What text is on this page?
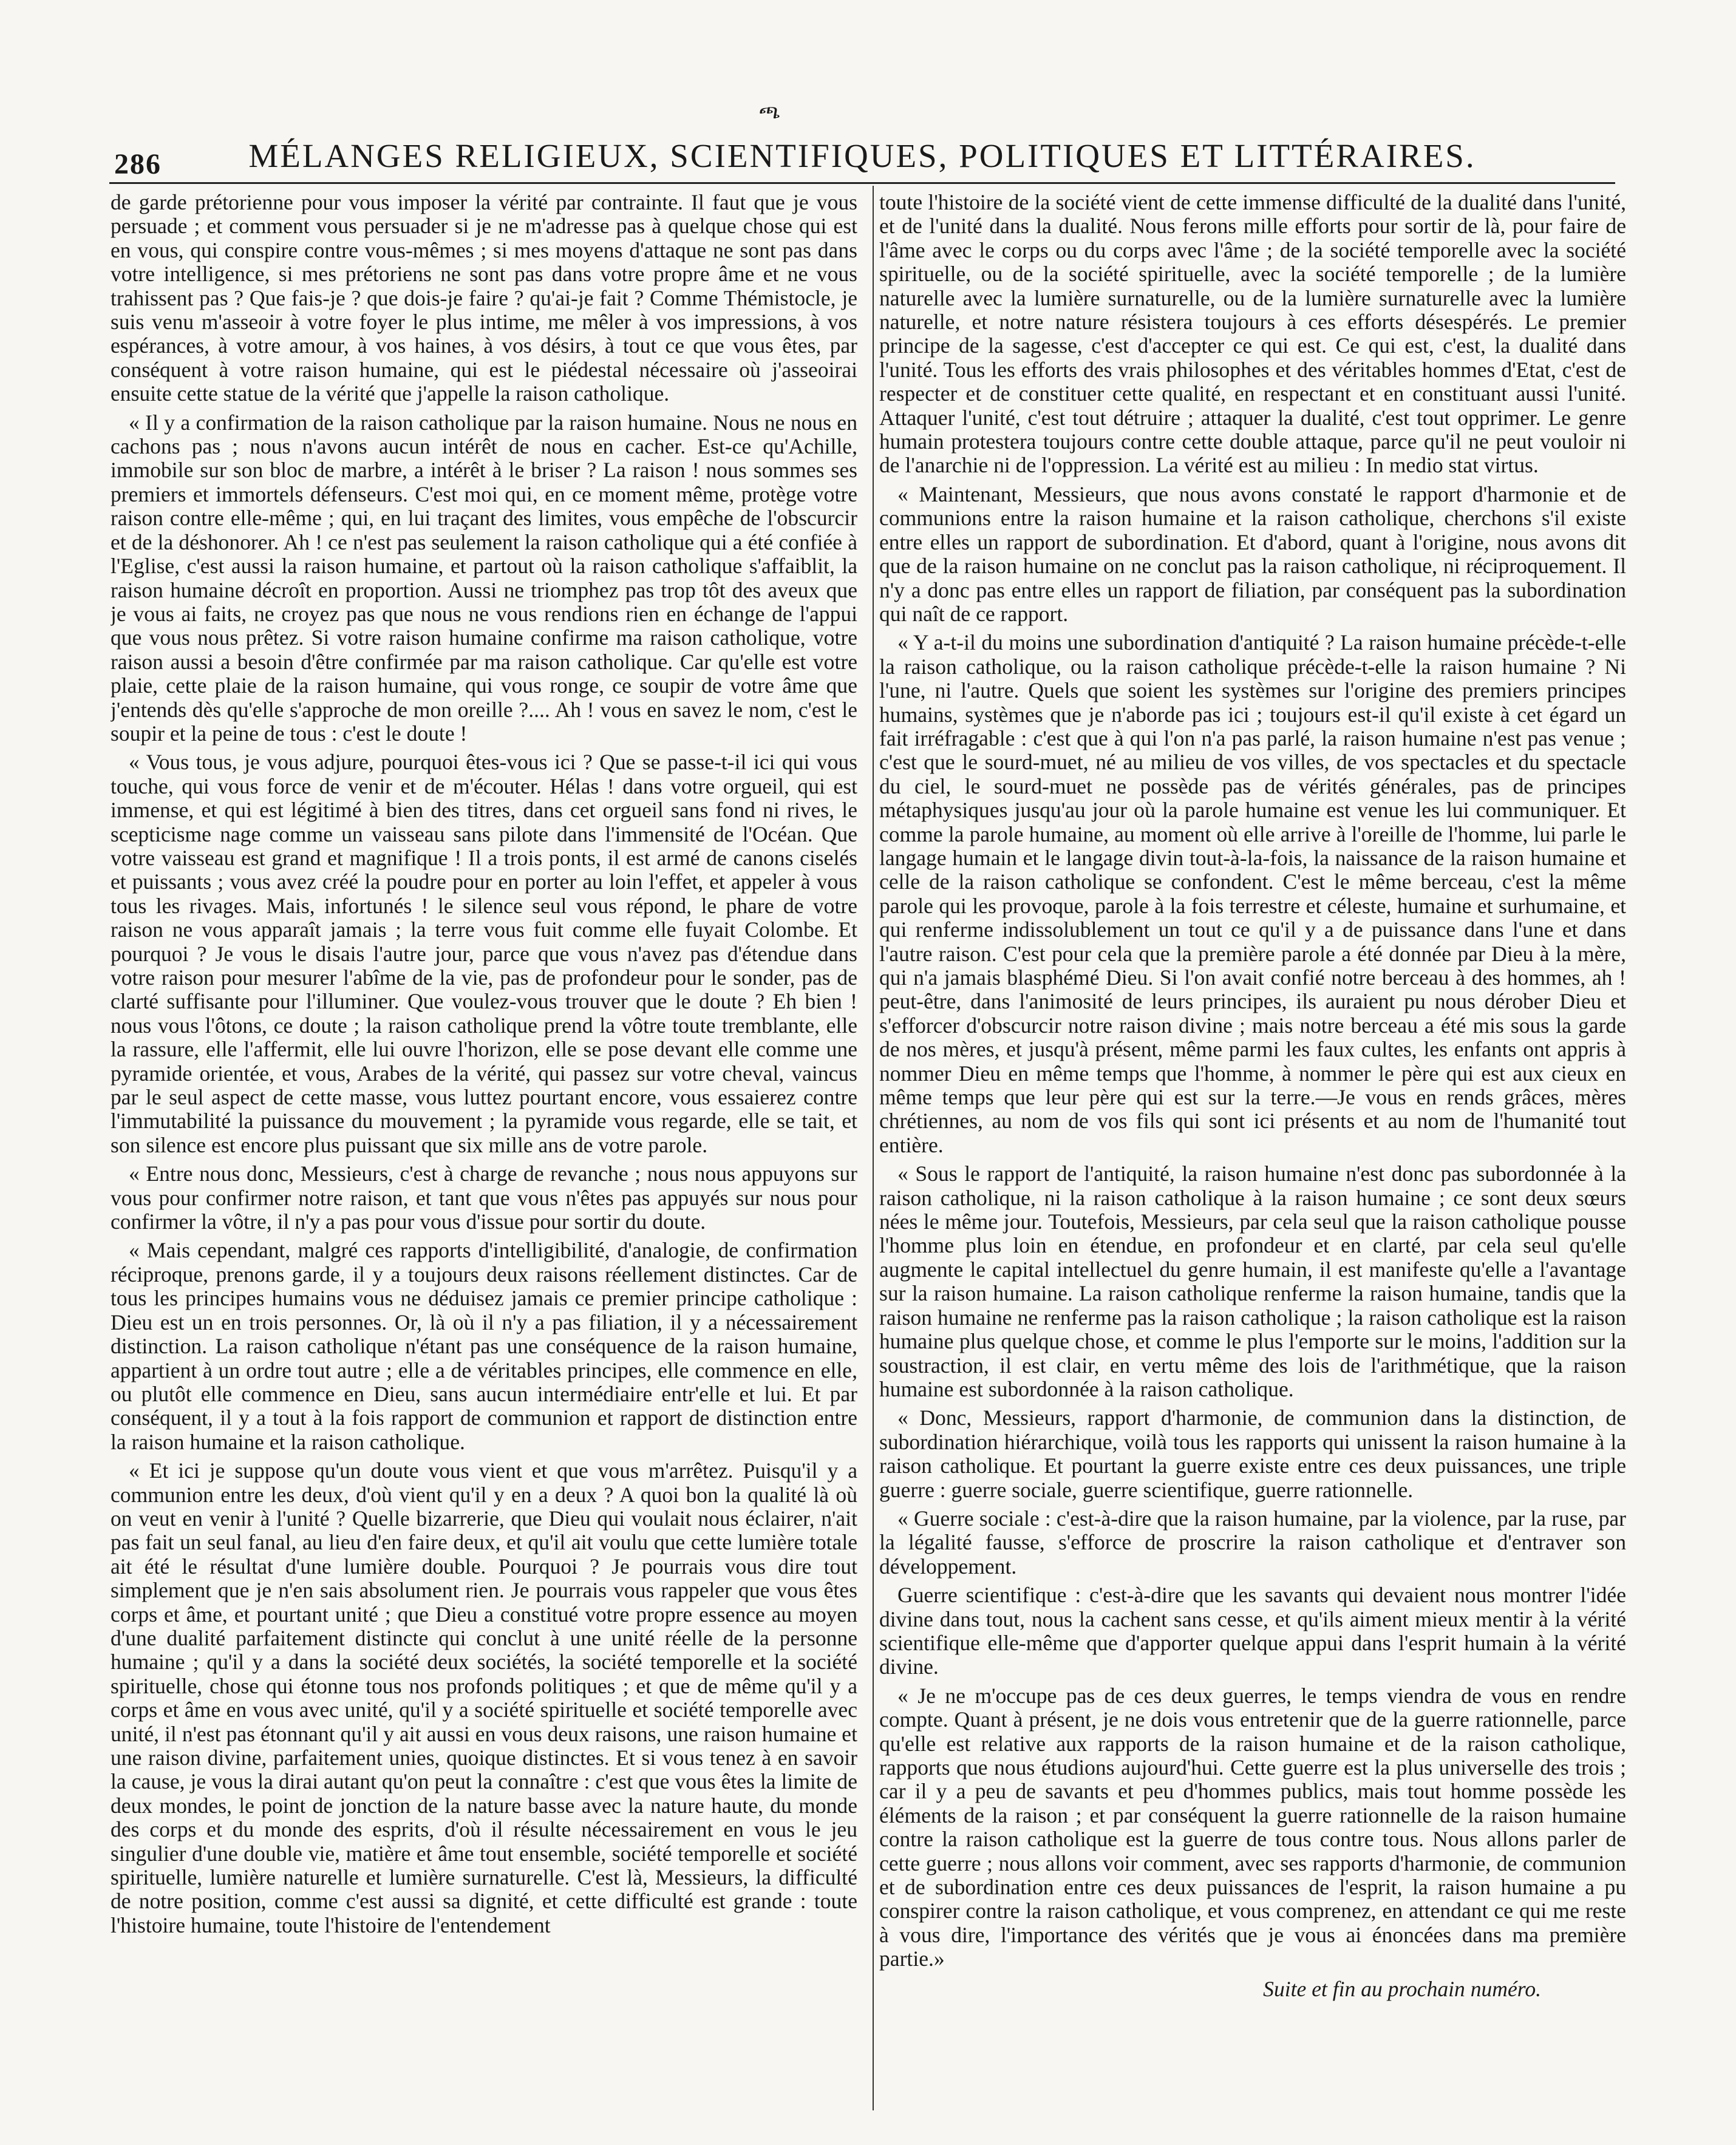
ጫ
286	MÉLANGES RELIGIEUX, SCIENTIFIQUES, POLITIQUES ET LITTÉRAIRES.

de garde prétorienne pour vous imposer la vérité par contrainte. Il faut que je vous persuade ; et comment vous persuader si je ne m'adresse pas à quelque chose qui est en vous, qui conspire contre vous-mêmes ; si mes moyens d'attaque ne sont pas dans votre intelligence, si mes prétoriens ne sont pas dans votre propre âme et ne vous trahissent pas ? Que fais-je ? que dois-je faire ? qu'ai-je fait ? Comme Thémistocle, je suis venu m'asseoir à votre foyer le plus intime, me mêler à vos impressions, à vos espérances, à votre amour, à vos haines, à vos désirs, à tout ce que vous êtes, par conséquent à votre raison humaine, qui est le piédestal nécessaire où j'asseoirai ensuite cette statue de la vérité que j'appelle la raison catholique.

« Il y a confirmation de la raison catholique par la raison humaine. Nous ne nous en cachons pas ; nous n'avons aucun intérêt de nous en cacher. Est-ce qu'Achille, immobile sur son bloc de marbre, a intérêt à le briser ? La raison ! nous sommes ses premiers et immortels défenseurs. C'est moi qui, en ce moment même, protège votre raison contre elle-même ; qui, en lui traçant des limites, vous empêche de l'obscurcir et de la déshonorer. Ah ! ce n'est pas seulement la raison catholique qui a été confiée à l'Eglise, c'est aussi la raison humaine, et partout où la raison catholique s'affaiblit, la raison humaine décroît en proportion. Aussi ne triomphez pas trop tôt des aveux que je vous ai faits, ne croyez pas que nous ne vous rendions rien en échange de l'appui que vous nous prêtez. Si votre raison humaine confirme ma raison catholique, votre raison aussi a besoin d'être confirmée par ma raison catholique. Car qu'elle est votre plaie, cette plaie de la raison humaine, qui vous ronge, ce soupir de votre âme que j'entends dès qu'elle s'approche de mon oreille ?.... Ah ! vous en savez le nom, c'est le soupir et la peine de tous : c'est le doute !

« Vous tous, je vous adjure, pourquoi êtes-vous ici ? Que se passe-t-il ici qui vous touche, qui vous force de venir et de m'écouter. Hélas ! dans votre orgueil, qui est immense, et qui est légitimé à bien des titres, dans cet orgueil sans fond ni rives, le scepticisme nage comme un vaisseau sans pilote dans l'immensité de l'Océan. Que votre vaisseau est grand et magnifique ! Il a trois ponts, il est armé de canons ciselés et puissants ; vous avez créé la poudre pour en porter au loin l'effet, et appeler à vous tous les rivages. Mais, infortunés ! le silence seul vous répond, le phare de votre raison ne vous apparaît jamais ; la terre vous fuit comme elle fuyait Colombe. Et pourquoi ? Je vous le disais l'autre jour, parce que vous n'avez pas d'étendue dans votre raison pour mesurer l'abîme de la vie, pas de profondeur pour le sonder, pas de clarté suffisante pour l'illuminer. Que voulez-vous trouver que le doute ? Eh bien ! nous vous l'ôtons, ce doute ; la raison catholique prend la vôtre toute tremblante, elle la rassure, elle l'affermit, elle lui ouvre l'horizon, elle se pose devant elle comme une pyramide orientée, et vous, Arabes de la vérité, qui passez sur votre cheval, vaincus par le seul aspect de cette masse, vous luttez pourtant encore, vous essaierez contre l'immutabilité la puissance du mouvement ; la pyramide vous regarde, elle se tait, et son silence est encore plus puissant que six mille ans de votre parole.

« Entre nous donc, Messieurs, c'est à charge de revanche ; nous nous appuyons sur vous pour confirmer notre raison, et tant que vous n'êtes pas appuyés sur nous pour confirmer la vôtre, il n'y a pas pour vous d'issue pour sortir du doute.

« Mais cependant, malgré ces rapports d'intelligibilité, d'analogie, de confirmation réciproque, prenons garde, il y a toujours deux raisons réellement distinctes. Car de tous les principes humains vous ne déduisez jamais ce premier principe catholique : Dieu est un en trois personnes. Or, là où il n'y a pas filiation, il y a nécessairement distinction. La raison catholique n'étant pas une conséquence de la raison humaine, appartient à un ordre tout autre ; elle a de véritables principes, elle commence en elle, ou plutôt elle commence en Dieu, sans aucun intermédiaire entr'elle et lui. Et par conséquent, il y a tout à la fois rapport de communion et rapport de distinction entre la raison humaine et la raison catholique.

« Et ici je suppose qu'un doute vous vient et que vous m'arrêtez. Puisqu'il y a communion entre les deux, d'où vient qu'il y en a deux ? A quoi bon la qualité là où on veut en venir à l'unité ? Quelle bizarrerie, que Dieu qui voulait nous éclairer, n'ait pas fait un seul fanal, au lieu d'en faire deux, et qu'il ait voulu que cette lumière totale ait été le résultat d'une lumière double. Pourquoi ? Je pourrais vous dire tout simplement que je n'en sais absolument rien. Je pourrais vous rappeler que vous êtes corps et âme, et pourtant unité ; que Dieu a constitué votre propre essence au moyen d'une dualité parfaitement distincte qui conclut à une unité réelle de la personne humaine ; qu'il y a dans la société deux sociétés, la société temporelle et la société spirituelle, chose qui étonne tous nos profonds politiques ; et que de même qu'il y a corps et âme en vous avec unité, qu'il y a société spirituelle et société temporelle avec unité, il n'est pas étonnant qu'il y ait aussi en vous deux raisons, une raison humaine et une raison divine, parfaitement unies, quoique distinctes. Et si vous tenez à en savoir la cause, je vous la dirai autant qu'on peut la connaître : c'est que vous êtes la limite de deux mondes, le point de jonction de la nature basse avec la nature haute, du monde des corps et du monde des esprits, d'où il résulte nécessairement en vous le jeu singulier d'une double vie, matière et âme tout ensemble, société temporelle et société spirituelle, lumière naturelle et lumière surnaturelle. C'est là, Messieurs, la difficulté de notre position, comme c'est aussi sa dignité, et cette difficulté est grande : toute l'histoire humaine, toute l'histoire de l'entendement

toute l'histoire de la société vient de cette immense difficulté de la dualité dans l'unité, et de l'unité dans la dualité. Nous ferons mille efforts pour sortir de là, pour faire de l'âme avec le corps ou du corps avec l'âme ; de la société temporelle avec la société spirituelle, ou de la société spirituelle, avec la société temporelle ; de la lumière naturelle avec la lumière surnaturelle, ou de la lumière surnaturelle avec la lumière naturelle, et notre nature résistera toujours à ces efforts désespérés. Le premier principe de la sagesse, c'est d'accepter ce qui est. Ce qui est, c'est, la dualité dans l'unité. Tous les efforts des vrais philosophes et des véritables hommes d'Etat, c'est de respecter et de constituer cette qualité, en respectant et en constituant aussi l'unité. Attaquer l'unité, c'est tout détruire ; attaquer la dualité, c'est tout opprimer. Le genre humain protestera toujours contre cette double attaque, parce qu'il ne peut vouloir ni de l'anarchie ni de l'oppression. La vérité est au milieu : In medio stat virtus.

« Maintenant, Messieurs, que nous avons constaté le rapport d'harmonie et de communions entre la raison humaine et la raison catholique, cherchons s'il existe entre elles un rapport de subordination. Et d'abord, quant à l'origine, nous avons dit que de la raison humaine on ne conclut pas la raison catholique, ni réciproquement. Il n'y a donc pas entre elles un rapport de filiation, par conséquent pas la subordination qui naît de ce rapport.

« Y a-t-il du moins une subordination d'antiquité ? La raison humaine précède-t-elle la raison catholique, ou la raison catholique précède-t-elle la raison humaine ? Ni l'une, ni l'autre. Quels que soient les systèmes sur l'origine des premiers principes humains, systèmes que je n'aborde pas ici ; toujours est-il qu'il existe à cet égard un fait irréfragable : c'est que à qui l'on n'a pas parlé, la raison humaine n'est pas venue ; c'est que le sourd-muet, né au milieu de vos villes, de vos spectacles et du spectacle du ciel, le sourd-muet ne possède pas de vérités générales, pas de principes métaphysiques jusqu'au jour où la parole humaine est venue les lui communiquer. Et comme la parole humaine, au moment où elle arrive à l'oreille de l'homme, lui parle le langage humain et le langage divin tout-à-la-fois, la naissance de la raison humaine et celle de la raison catholique se confondent. C'est le même berceau, c'est la même parole qui les provoque, parole à la fois terrestre et céleste, humaine et surhumaine, et qui renferme indissolublement un tout ce qu'il y a de puissance dans l'une et dans l'autre raison. C'est pour cela que la première parole a été donnée par Dieu à la mère, qui n'a jamais blasphémé Dieu. Si l'on avait confié notre berceau à des hommes, ah ! peut-être, dans l'animosité de leurs principes, ils auraient pu nous dérober Dieu et s'efforcer d'obscurcir notre raison divine ; mais notre berceau a été mis sous la garde de nos mères, et jusqu'à présent, même parmi les faux cultes, les enfants ont appris à nommer Dieu en même temps que l'homme, à nommer le père qui est aux cieux en même temps que leur père qui est sur la terre.—Je vous en rends grâces, mères chrétiennes, au nom de vos fils qui sont ici présents et au nom de l'humanité tout entière.

« Sous le rapport de l'antiquité, la raison humaine n'est donc pas subordonnée à la raison catholique, ni la raison catholique à la raison humaine ; ce sont deux sœurs nées le même jour. Toutefois, Messieurs, par cela seul que la raison catholique pousse l'homme plus loin en étendue, en profondeur et en clarté, par cela seul qu'elle augmente le capital intellectuel du genre humain, il est manifeste qu'elle a l'avantage sur la raison humaine. La raison catholique renferme la raison humaine, tandis que la raison humaine ne renferme pas la raison catholique ; la raison catholique est la raison humaine plus quelque chose, et comme le plus l'emporte sur le moins, l'addition sur la soustraction, il est clair, en vertu même des lois de l'arithmétique, que la raison humaine est subordonnée à la raison catholique.

« Donc, Messieurs, rapport d'harmonie, de communion dans la distinction, de subordination hiérarchique, voilà tous les rapports qui unissent la raison humaine à la raison catholique. Et pourtant la guerre existe entre ces deux puissances, une triple guerre : guerre sociale, guerre scientifique, guerre rationnelle.

« Guerre sociale : c'est-à-dire que la raison humaine, par la violence, par la ruse, par la légalité fausse, s'efforce de proscrire la raison catholique et d'entraver son développement.

Guerre scientifique : c'est-à-dire que les savants qui devaient nous montrer l'idée divine dans tout, nous la cachent sans cesse, et qu'ils aiment mieux mentir à la vérité scientifique elle-même que d'apporter quelque appui dans l'esprit humain à la vérité divine.

« Je ne m'occupe pas de ces deux guerres, le temps viendra de vous en rendre compte. Quant à présent, je ne dois vous entretenir que de la guerre rationnelle, parce qu'elle est relative aux rapports de la raison humaine et de la raison catholique, rapports que nous étudions aujourd'hui. Cette guerre est la plus universelle des trois ; car il y a peu de savants et peu d'hommes publics, mais tout homme possède les éléments de la raison ; et par conséquent la guerre rationnelle de la raison humaine contre la raison catholique est la guerre de tous contre tous. Nous allons parler de cette guerre ; nous allons voir comment, avec ses rapports d'harmonie, de communion et de subordination entre ces deux puissances de l'esprit, la raison humaine a pu conspirer contre la raison catholique, et vous comprenez, en attendant ce qui me reste à vous dire, l'importance des vérités que je vous ai énoncées dans ma première partie.»

Suite et fin au prochain numéro.
